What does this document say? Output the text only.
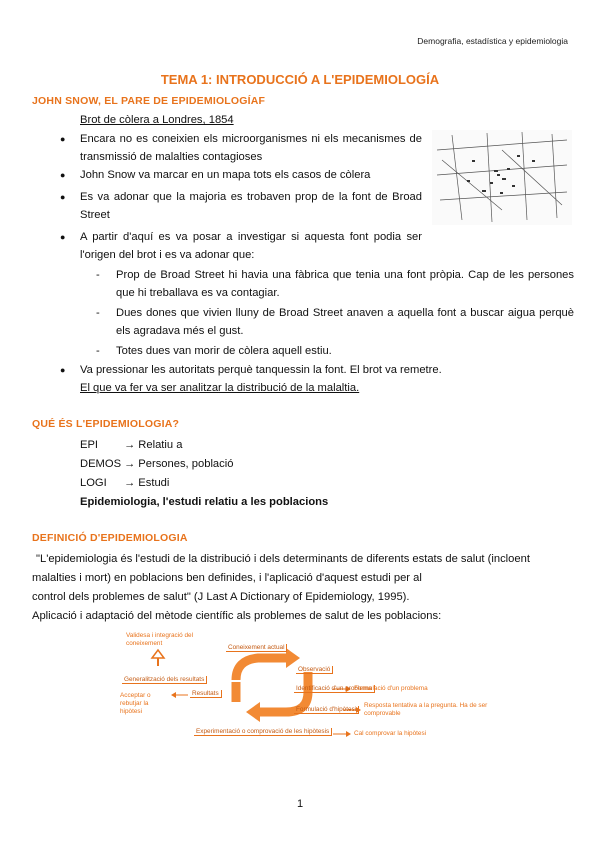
Demografia, estadística y epidemiologia
TEMA 1: INTRODUCCIÓ A L'EPIDEMIOLOGÍA
JOHN SNOW, EL PARE DE EPIDEMIOLOGÍAF
Brot de còlera a Londres, 1854
● Encara no es coneixien els microorganismes ni els mecanismes de transmissió de malalties contagioses
● John Snow va marcar en un mapa tots els casos de còlera
● Es va adonar que la majoria es trobaven prop de la font de Broad Street
● A partir d'aquí es va posar a investigar si aquesta font podia ser l'origen del brot i es va adonar que:
- Prop de Broad Street hi havia una fàbrica que tenia una font pròpia. Cap de les persones que hi treballava es va contagiar.
- Dues dones que vivien lluny de Broad Street anaven a aquella font a buscar aigua perquè els agradava més el gust.
- Totes dues van morir de còlera aquell estiu.
● Va pressionar les autoritats perquè tanquessin la font. El brot va remetre.
El que va fer va ser analitzar la distribució de la malaltia.
QUÉ ÉS L'EPIDEMIOLOGIA?
EPI → Relatiu a
DEMOS → Persones, població
LOGI → Estudi
Epidemiologia, l'estudi relatiu a les poblacions
DEFINICIÓ D'EPIDEMIOLOGIA
"L'epidemiologia és l'estudi de la distribució i dels determinants de diferents estats de salut (incloent
malalties i mort) en poblacions ben definides, i l'aplicació d'aquest estudi per al
control dels problemes de salut" (J Last A Dictionary of Epidemiology, 1995).
Aplicació i adaptació del mètode científic als problemes de salut de les poblacions:
Validesa i integració del coneixement
Coneixement actual
Generalització dels resultats
Observació
Identificació d'un problema
Formulació d'un problema
Acceptar o rebutjar la hipòtesi
Resultats
Formulació d'hipòtesi
Resposta tentativa a la pregunta. Ha de ser comprovable
Experimentació o comprovació de les hipòtesis	Cal comprovar la hipòtesi
1
